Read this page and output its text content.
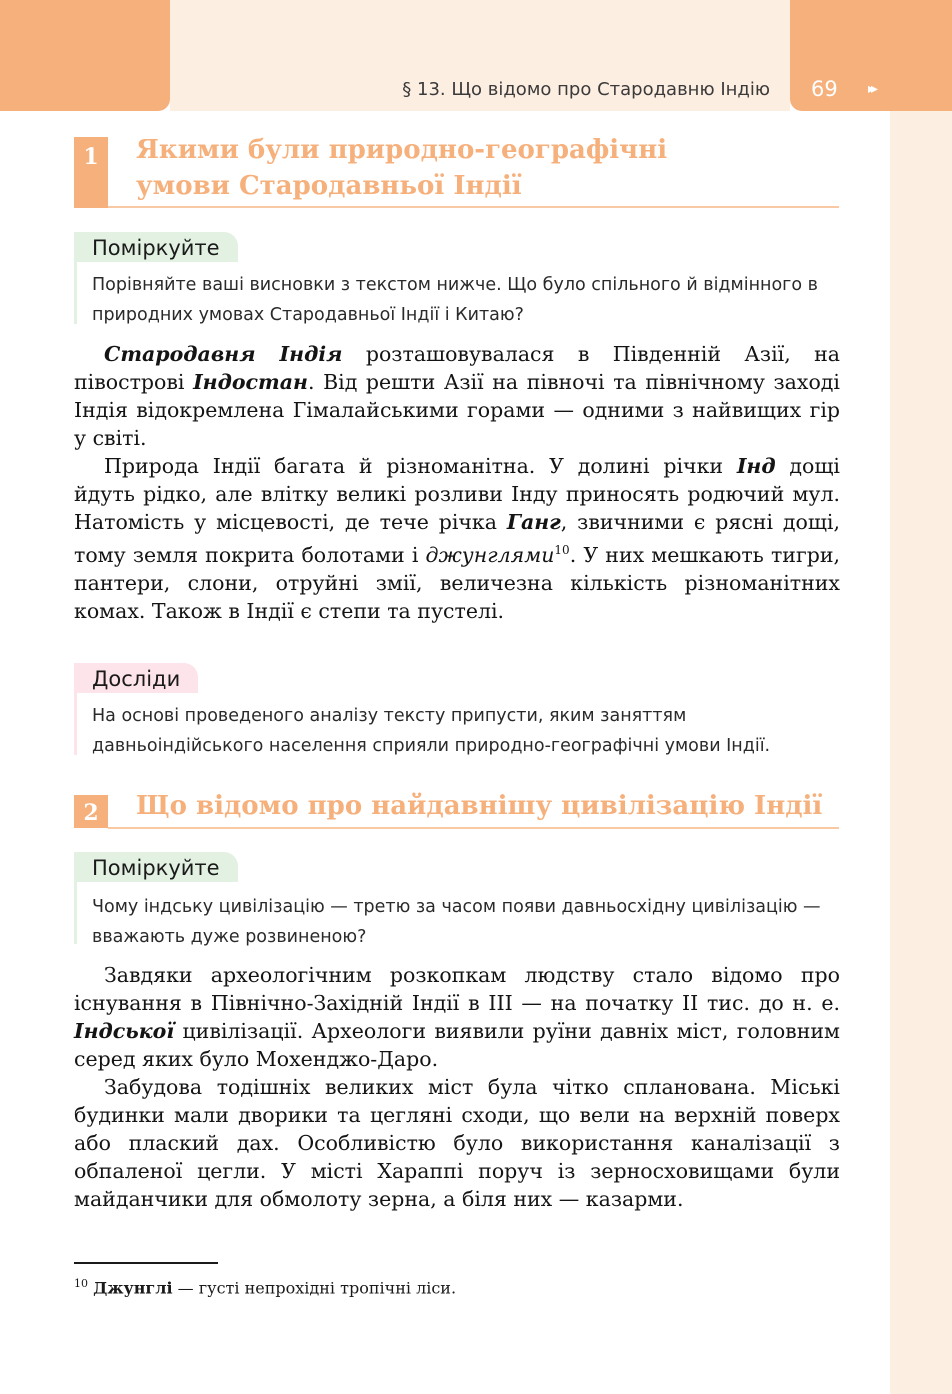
§ 13. Що відомо про Стародавню Індію 69 ▸▸
1	Якими були природно-географічні
умови Стародавньої Індії
Поміркуйте
Порівняйте ваші висновки з текстом нижче. Що було спільного й відмінного в природних умовах Стародавньої Індії і Китаю?

Стародавня Індія розташовувалася в Південній Азії, на півострові Індостан. Від решти Азії на півночі та північному заході Індія відокремлена Гімалайськими горами — одними з найвищих гір у світі.

Природа Індії багата й різноманітна. У долині річки Інд дощі йдуть рідко, але влітку великі розливи Інду приносять родючий мул. Натомість у місцевості, де тече річка Ганг, звичними є рясні дощі, тому земля покрита болотами і джунглями$^{10}$. У них мешкають тигри, пантери, слони, отруйні змії, величезна кількість різноманітних комах. Також в Індії є степи та пустелі.

Досліди
На основі проведеного аналізу тексту припусти, яким заняттям давньоіндійського населення сприяли природно-географічні умови Індії.
2	Що відомо про найдавнішу цивілізацію Індії
Поміркуйте
Чому індську цивілізацію — третю за часом появи давньосхідну цивілізацію — вважають дуже розвиненою?

Завдяки археологічним розкопкам людству стало відомо про існування в Північно-Західній Індії в III — на початку II тис. до н. е. Індської цивілізації. Археологи виявили руїни давніх міст, головним серед яких було Мохенджо-Даро.

Забудова тодішніх великих міст була чітко спланована. Міські будинки мали дворики та цегляні сходи, що вели на верхній поверх або плаский дах. Особливістю було використання каналізації з обпаленої цегли. У місті Хараппі поруч із зерносховищами були майданчики для обмолоту зерна, а біля них — казарми.

$^{10}$ Джунглі — густі непрохідні тропічні ліси.
